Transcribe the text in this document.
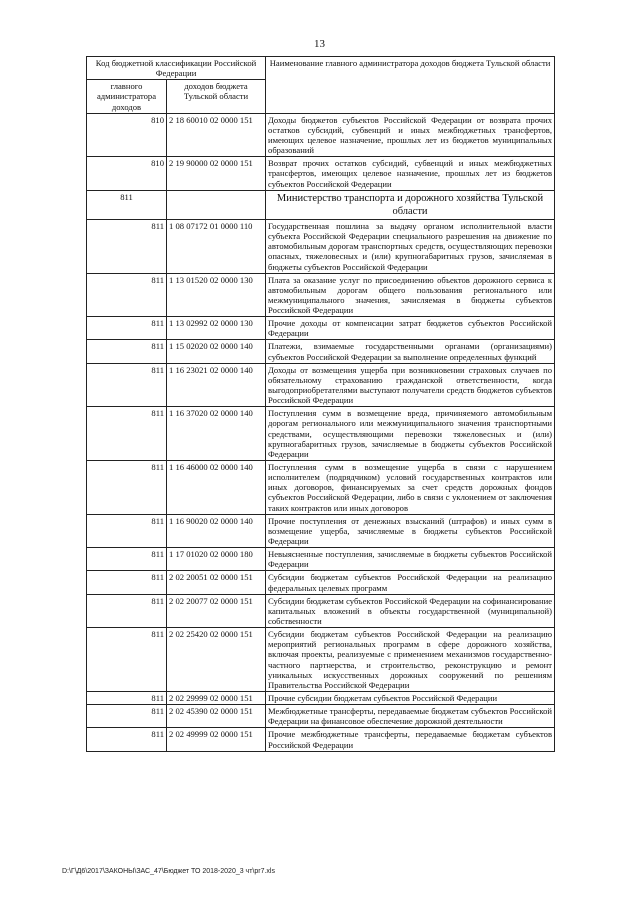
13
Код бюджетной классификации Российской Федерации		Наименование главного администратора доходов бюджета Тульской области
главного администратора доходов	доходов бюджета Тульской области	
810	2 18 60010 02 0000 151	Доходы бюджетов субъектов Российской Федерации от возврата прочих остатков субсидий, субвенций и иных межбюджетных трансфертов, имеющих целевое назначение, прошлых лет из бюджетов муниципальных образований
810	2 19 90000 02 0000 151	Возврат прочих остатков субсидий, субвенций и иных межбюджетных трансфертов, имеющих целевое назначение, прошлых лет из бюджетов субъектов Российской Федерации
811		Министерство транспорта и дорожного хозяйства Тульской области
811	1 08 07172 01 0000 110	Государственная пошлина за выдачу органом исполнительной власти субъекта Российской Федерации специального разрешения на движение по автомобильным дорогам транспортных средств, осуществляющих перевозки опасных, тяжеловесных и (или) крупногабаритных грузов, зачисляемая в бюджеты субъектов Российской Федерации
811	1 13 01520 02 0000 130	Плата за оказание услуг по присоединению объектов дорожного сервиса к автомобильным дорогам общего пользования регионального или межмуниципального значения, зачисляемая в бюджеты субъектов Российской Федерации
811	1 13 02992 02 0000 130	Прочие доходы от компенсации затрат бюджетов субъектов Российской Федерации
811	1 15 02020 02 0000 140	Платежи, взимаемые государственными органами (организациями) субъектов Российской Федерации за выполнение определенных функций
811	1 16 23021 02 0000 140	Доходы от возмещения ущерба при возникновении страховых случаев по обязательному страхованию гражданской ответственности, когда выгодоприобретателями выступают получатели средств бюджетов субъектов Российской Федерации
811	1 16 37020 02 0000 140	Поступления сумм в возмещение вреда, причиняемого автомобильным дорогам регионального или межмуниципального значения транспортными средствами, осуществляющими перевозки тяжеловесных и (или) крупногабаритных грузов, зачисляемые в бюджеты субъектов Российской Федерации
811	1 16 46000 02 0000 140	Поступления сумм в возмещение ущерба в связи с нарушением исполнителем (подрядчиком) условий государственных контрактов или иных договоров, финансируемых за счет средств дорожных фондов субъектов Российской Федерации, либо в связи с уклонением от заключения таких контрактов или иных договоров
811	1 16 90020 02 0000 140	Прочие поступления от денежных взысканий (штрафов) и иных сумм в возмещение ущерба, зачисляемые в бюджеты субъектов Российской Федерации
811	1 17 01020 02 0000 180	Невыясненные поступления, зачисляемые в бюджеты субъектов Российской Федерации
811	2 02 20051 02 0000 151	Субсидии бюджетам субъектов Российской Федерации на реализацию федеральных целевых программ
811	2 02 20077 02 0000 151	Субсидии бюджетам субъектов Российской Федерации на софинансирование капитальных вложений в объекты государственной (муниципальной) собственности
811	2 02 25420 02 0000 151	Субсидии бюджетам субъектов Российской Федерации на реализацию мероприятий региональных программ в сфере дорожного хозяйства, включая проекты, реализуемые с применением механизмов государственно-частного партнерства, и строительство, реконструкцию и ремонт уникальных искусственных дорожных сооружений по решениям Правительства Российской Федерации
811	2 02 29999 02 0000 151	Прочие субсидии бюджетам субъектов Российской Федерации
811	2 02 45390 02 0000 151	Межбюджетные трансферты, передаваемые бюджетам субъектов Российской Федерации на финансовое обеспечение дорожной деятельности
811	2 02 49999 02 0000 151	Прочие межбюджетные трансферты, передаваемые бюджетам субъектов Российской Федерации
D:\Г\Д6\2017\ЗАКОНЫ\ЗАС_47\Бюджет ТО 2018-2020_3 чт\pr7.xls
